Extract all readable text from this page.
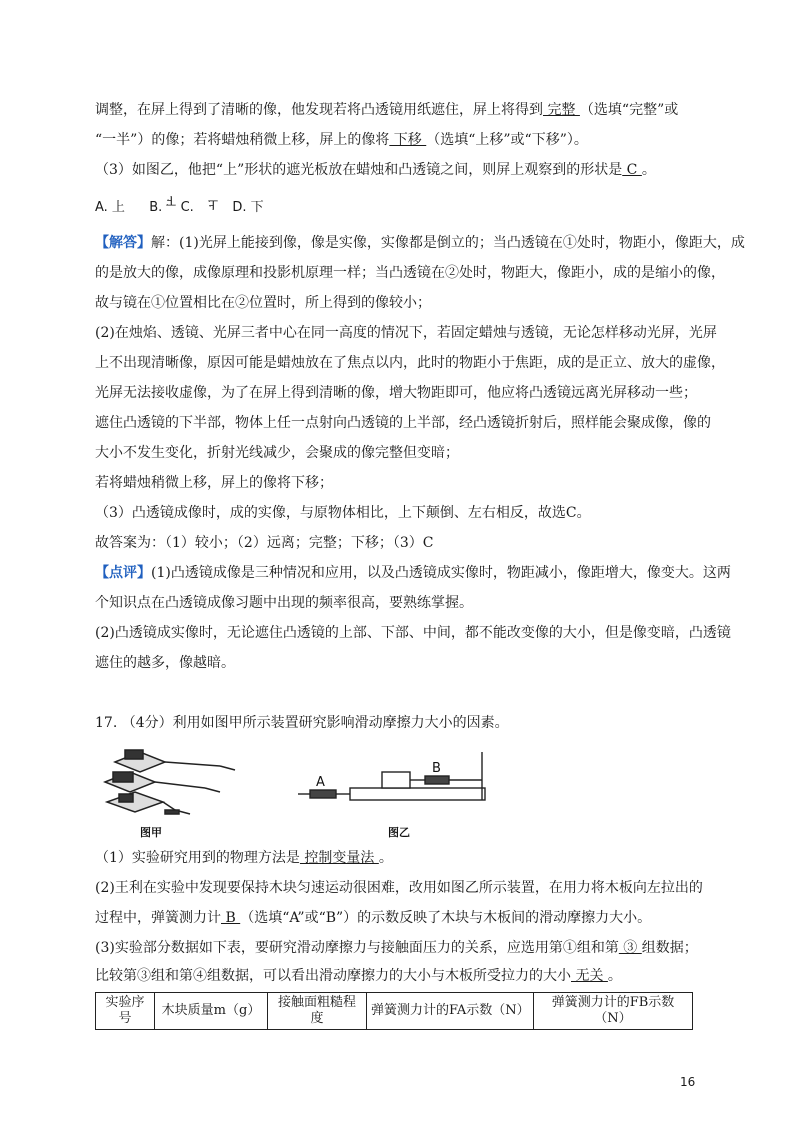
调整，在屏上得到了清晰的像，他发现若将凸透镜用纸遮住，屏上将得到 完整 （选填“完整”或
“一半”）的像；若将蜡烛稍微上移，屏上的像将 下移 （选填“上移”或“下移”）。
（3）如图乙，他把“上”形状的遮光板放在蜡烛和凸透镜之间，则屏上观察到的形状是 C 。
A. 上 B. 上 C. 上 D. 下
【解答】解：(1)光屏上能接到像，像是实像，实像都是倒立的；当凸透镜在①处时，物距小，像距大，成
的是放大的像，成像原理和投影机原理一样；当凸透镜在②处时，物距大，像距小，成的是缩小的像，
故与镜在①位置相比在②位置时，所上得到的像较小；
(2)在烛焰、透镜、光屏三者中心在同一高度的情况下，若固定蜡烛与透镜，无论怎样移动光屏，光屏
上不出现清晰像，原因可能是蜡烛放在了焦点以内，此时的物距小于焦距，成的是正立、放大的虚像，
光屏无法接收虚像，为了在屏上得到清晰的像，增大物距即可，他应将凸透镜远离光屏移动一些；
遮住凸透镜的下半部，物体上任一点射向凸透镜的上半部，经凸透镜折射后，照样能会聚成像，像的
大小不发生变化，折射光线减少，会聚成的像完整但变暗；
若将蜡烛稍微上移，屏上的像将下移；
（3）凸透镜成像时，成的实像，与原物体相比，上下颠倒、左右相反，故选C。
故答案为：（1）较小；（2）远离；完整；下移；（3）C
【点评】(1)凸透镜成像是三种情况和应用，以及凸透镜成实像时，物距减小，像距增大，像变大。这两
个知识点在凸透镜成像习题中出现的频率很高，要熟练掌握。
(2)凸透镜成实像时，无论遮住凸透镜的上部、下部、中间，都不能改变像的大小，但是像变暗，凸透镜
遮住的越多，像越暗。
17. （4分）利用如图甲所示装置研究影响滑动摩擦力大小的因素。
图甲
A
B
图乙
（1）实验研究用到的物理方法是 控制变量法 。
(2)王利在实验中发现要保持木块匀速运动很困难，改用如图乙所示装置，在用力将木板向左拉出的
过程中，弹簧测力计 B （选填“A”或“B”）的示数反映了木块与木板间的滑动摩擦力大小。
(3)实验部分数据如下表，要研究滑动摩擦力与接触面压力的关系，应选用第①组和第 ③ 组数据；
比较第③组和第④组数据，可以看出滑动摩擦力的大小与木板所受拉力的大小 无关 。
实验序号	木块质量m（g）	接触面粗糙程度	弹簧测力计的FA示数（N）	弹簧测力计的FB示数（N）
16
